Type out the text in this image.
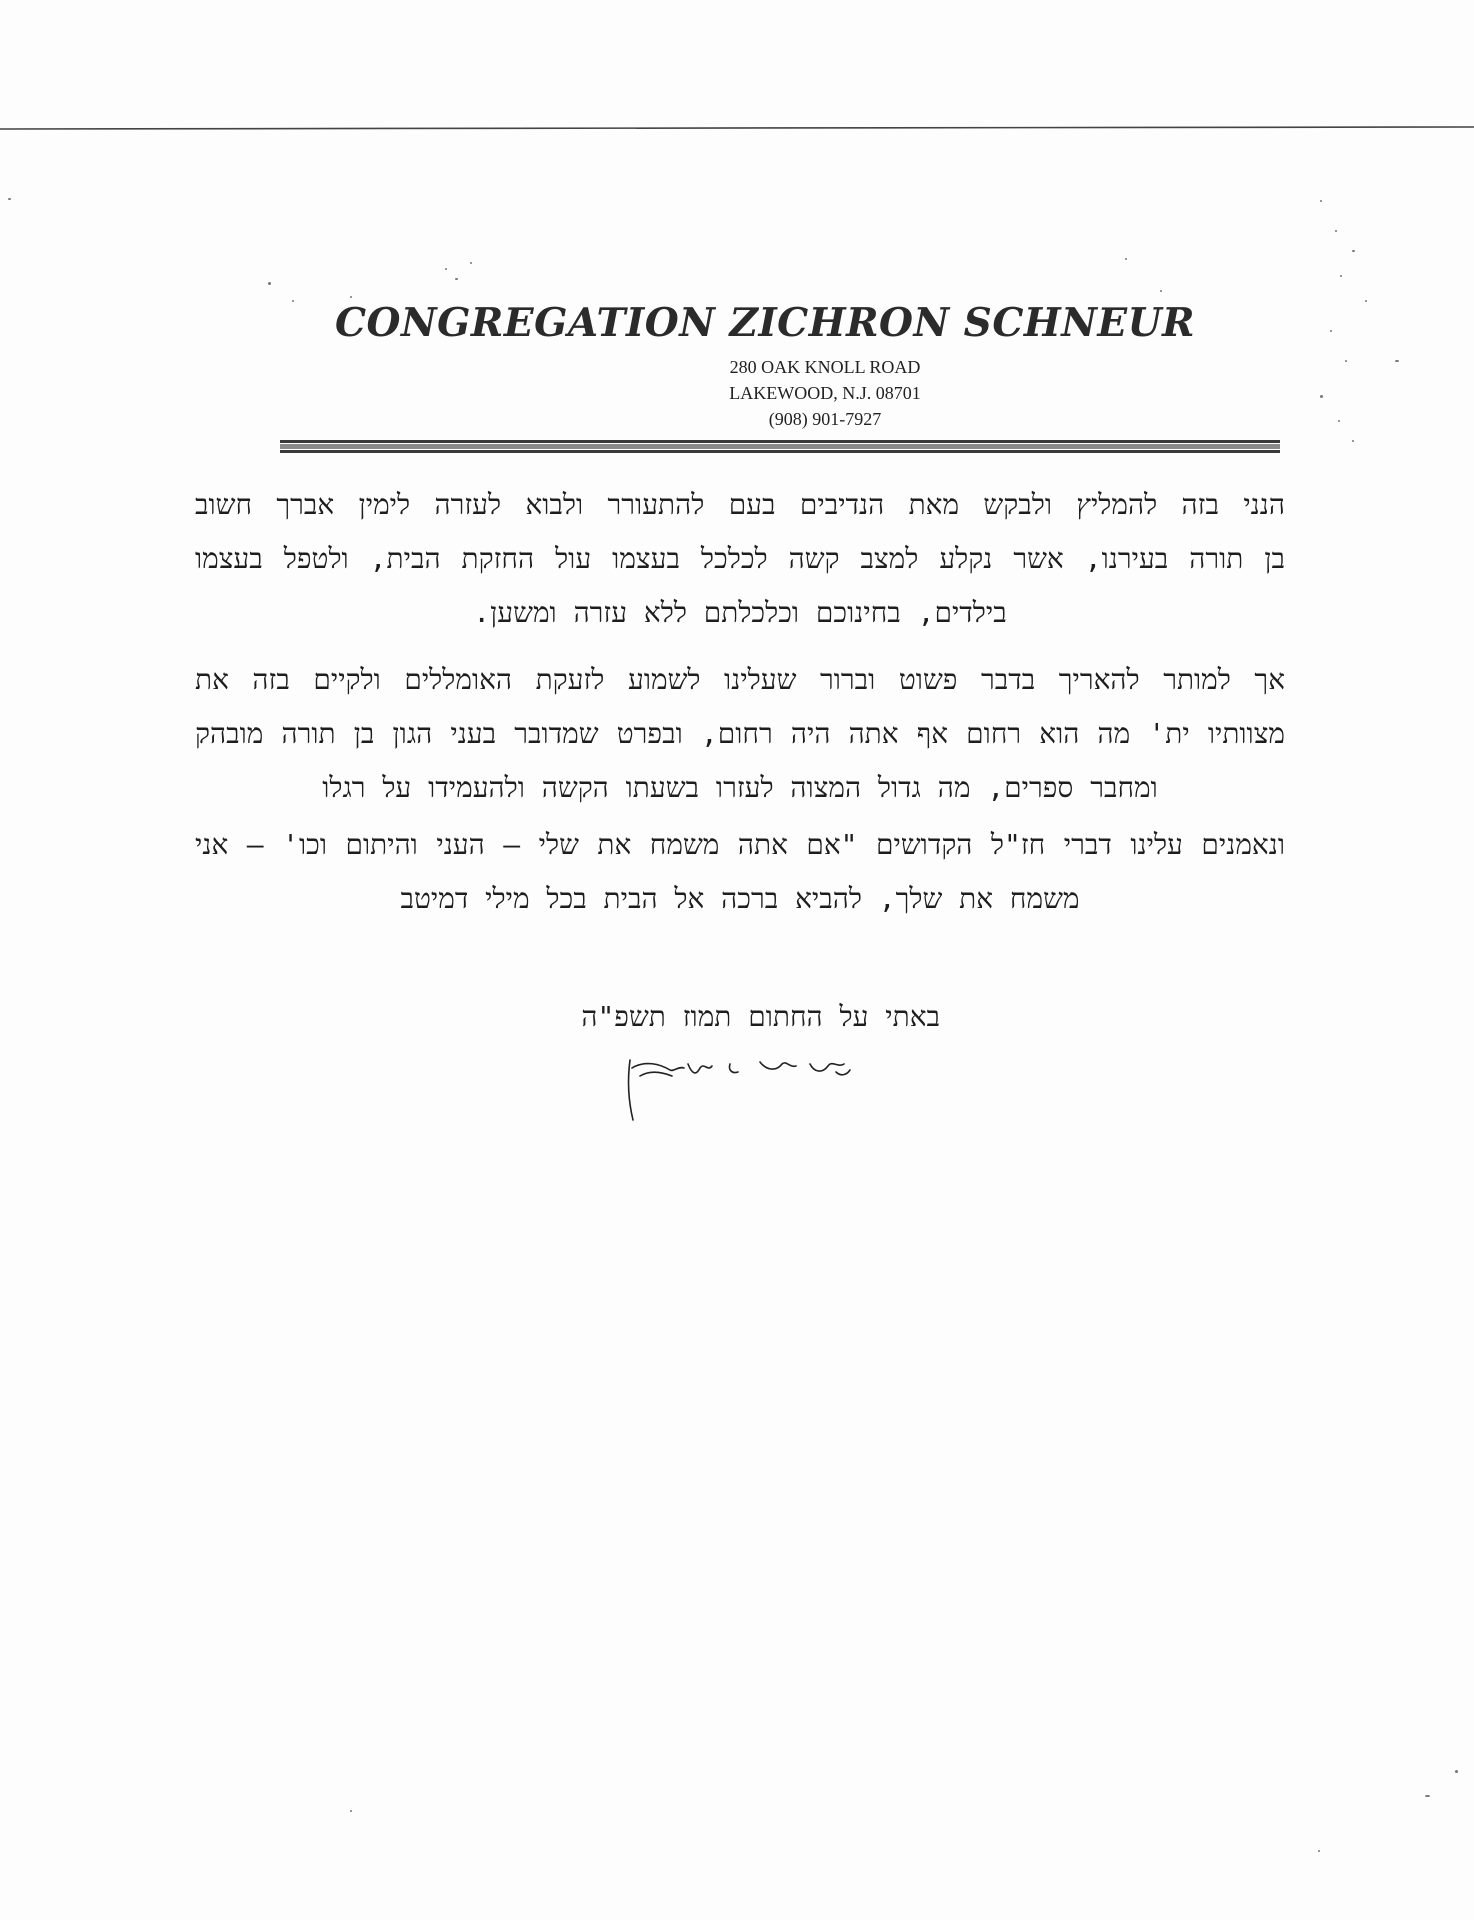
CONGREGATION ZICHRON SCHNEUR
280 OAK KNOLL ROAD
LAKEWOOD, N.J. 08701
(908) 901-7927

הנני בזה להמליץ ולבקש מאת הנדיבים בעם להתעורר ולבוא לעזרה לימין אברך חשוב
בן תורה בעירנו, אשר נקלע למצב קשה לכלכל בעצמו עול החזקת הבית, ולטפל בעצמו
בילדים, בחינוכם וכלכלתם ללא עזרה ומשען.

אך למותר להאריך בדבר פשוט וברור שעלינו לשמוע לזעקת האומללים ולקיים בזה את
מצוותיו ית' מה הוא רחום אף אתה היה רחום, ובפרט שמדובר בעני הגון בן תורה מובהק
ומחבר ספרים, מה גדול המצוה לעזרו בשעתו הקשה ולהעמידו על רגלו

ונאמנים עלינו דברי חז"ל הקדושים "אם אתה משמח את שלי – העני והיתום וכו' – אני
משמח את שלך, להביא ברכה אל הבית בכל מילי דמיטב

באתי על החתום תמוז תשפ"ה
